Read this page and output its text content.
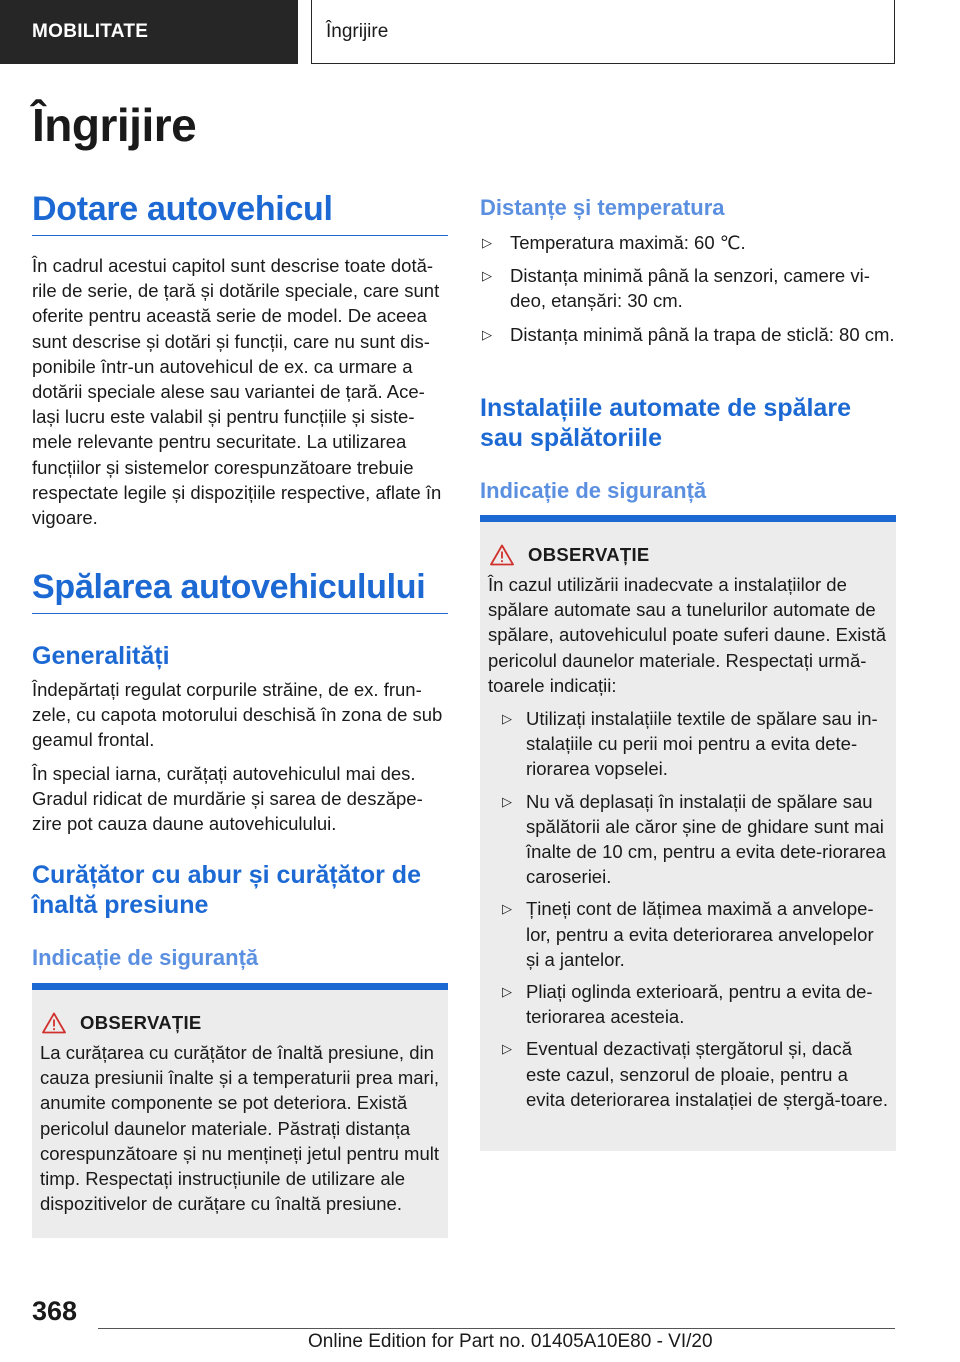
MOBILITATE	Îngrijire
Îngrijire
Dotare autovehicul

În cadrul acestui capitol sunt descrise toate dotă-rile de serie, de țară și dotările speciale, care sunt oferite pentru această serie de model. De aceea sunt descrise și dotări și funcții, care nu sunt dis-ponibile într-un autovehicul de ex. ca urmare a dotării speciale alese sau variantei de țară. Ace-lași lucru este valabil și pentru funcțiile și siste-mele relevante pentru securitate. La utilizarea funcțiilor și sistemelor corespunzătoare trebuie respectate legile și dispozițiile respective, aflate în vigoare.

Spălarea autovehiculului
Generalități

Îndepărtați regulat corpurile străine, de ex. frun-zele, cu capota motorului deschisă în zona de sub geamul frontal.

În special iarna, curățați autovehiculul mai des. Gradul ridicat de murdărie și sarea de deszăpe-zire pot cauza daune autovehiculului.

Curățător cu abur și curățător de înaltă presiune
Indicație de siguranță
OBSERVAȚIE

La curățarea cu curățător de înaltă presiune, din cauza presiunii înalte și a temperaturii prea mari, anumite componente se pot deteriora. Există pericolul daunelor materiale. Păstrați distanța corespunzătoare și nu mențineți jetul pentru mult timp. Respectați instrucțiunile de utilizare ale dispozitivelor de curățare cu înaltă presiune.

Distanțe și temperatura
▷ Temperatura maximă: 60 ℃.
▷ Distanța minimă până la senzori, camere vi-deo, etanșări: 30 cm.
▷ Distanța minimă până la trapa de sticlă: 80 cm.
Instalațiile automate de spălare sau spălătoriile
Indicație de siguranță
OBSERVAȚIE

În cazul utilizării inadecvate a instalațiilor de spălare automate sau a tunelurilor automate de spălare, autovehiculul poate suferi daune. Există pericolul daunelor materiale. Respectați urmă-toarele indicații:

▷ Utilizați instalațiile textile de spălare sau in-stalațiile cu perii moi pentru a evita dete-riorarea vopselei.
▷ Nu vă deplasați în instalații de spălare sau spălătorii ale căror șine de ghidare sunt mai înalte de 10 cm, pentru a evita dete-riorarea caroseriei.
▷ Țineți cont de lățimea maximă a anvelope-lor, pentru a evita deteriorarea anvelopelor și a jantelor.
▷ Pliați oglinda exterioară, pentru a evita de-teriorarea acesteia.
▷ Eventual dezactivați ștergătorul și, dacă este cazul, senzorul de ploaie, pentru a evita deteriorarea instalației de ștergă-toare.
368
Online Edition for Part no. 01405A10E80 - VI/20
